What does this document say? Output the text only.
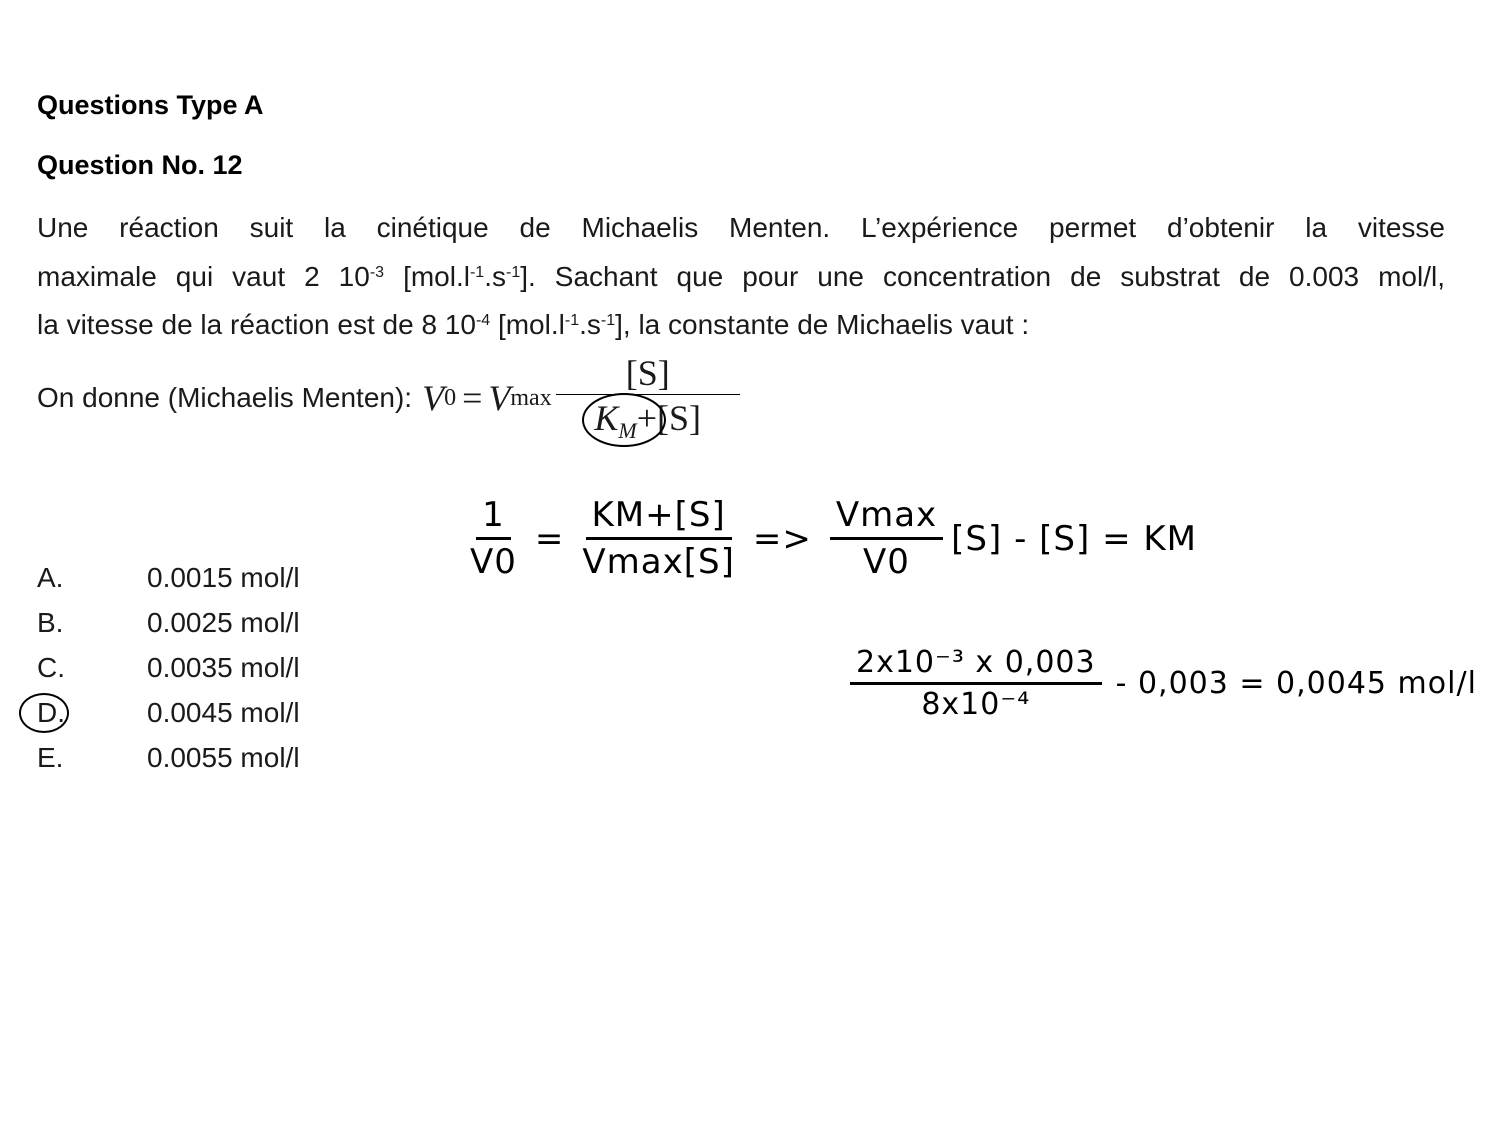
Questions Type A
Question No. 12
Une réaction suit la cinétique de Michaelis Menten. L’expérience permet d’obtenir la vitesse
maximale qui vaut 2 $10^{-3}$ $[mol.l^{-1}.s^{-1}]$. Sachant que pour une concentration de substrat de 0.003 mol/l,
la vitesse de la réaction est de 8 $10^{-4}$ $[mol.l^{-1}.s^{-1}]$, la constante de Michaelis vaut :
On donne (Michaelis Menten): V 0 = V $\max \frac{[S]}{K_M+[S]}$
A.	0.0015 mol/l
B.	0.0025 mol/l
C.	0.0035 mol/l
D.	0.0045 mol/l
E.	0.0055 mol/l
$\frac{1}{V0} = \frac{KM+[S]}{Vmax[S]} => \frac{Vmax}{V0} [S] - [S]$ = KM
$\frac{\text{2x10⁻³ x 0,003}}{\text{8x10⁻⁴}} - 0,003 = 0,0045$ mol/l
